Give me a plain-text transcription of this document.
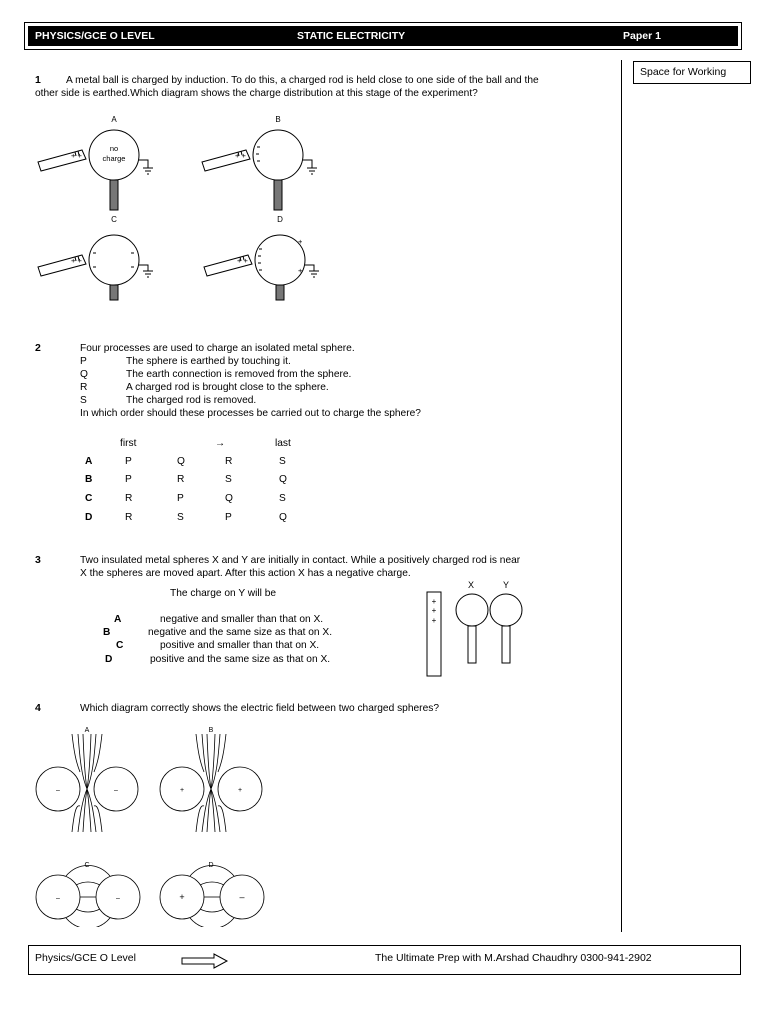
PHYSICS/GCE O LEVEL	STATIC ELECTRICITY	Paper 1
Space for Working
1 A metal ball is charged by induction. To do this, a charged rod is held close to one side of the ball and the
other side is earthed.Which diagram shows the charge distribution at this stage of the experiment?
+ +	+ +
+ +	+ +
+
+
A	B
C	D
no
charge
2	Four processes are used to charge an isolated metal sphere.
P	The sphere is earthed by touching it.
Q	The earth connection is removed from the sphere.
R	A charged rod is brought close to the sphere.
S	The charged rod is removed.
In which order should these processes be carried out to charge the sphere?
first	→	last
A	P	Q	R	S
B	P	R	S	Q
C	R	P	Q	S
D	R	S	P	Q
3	Two insulated metal spheres X and Y are initially in contact. While a positively charged rod is near
X the spheres are moved apart. After this action X has a negative charge.
The charge on Y will be
A	negative and smaller than that on X.
B	negative and the same size as that on X.
C	positive and smaller than that on X.
D	positive and the same size as that on X.
+
+
+
X	Y
4	Which diagram correctly shows the electric field between two charged spheres?
A	B
C	D
–	–	+	+
–	–	+	–
Physics/GCE O Level	The Ultimate Prep with M.Arshad Chaudhry 0300-941-2902
